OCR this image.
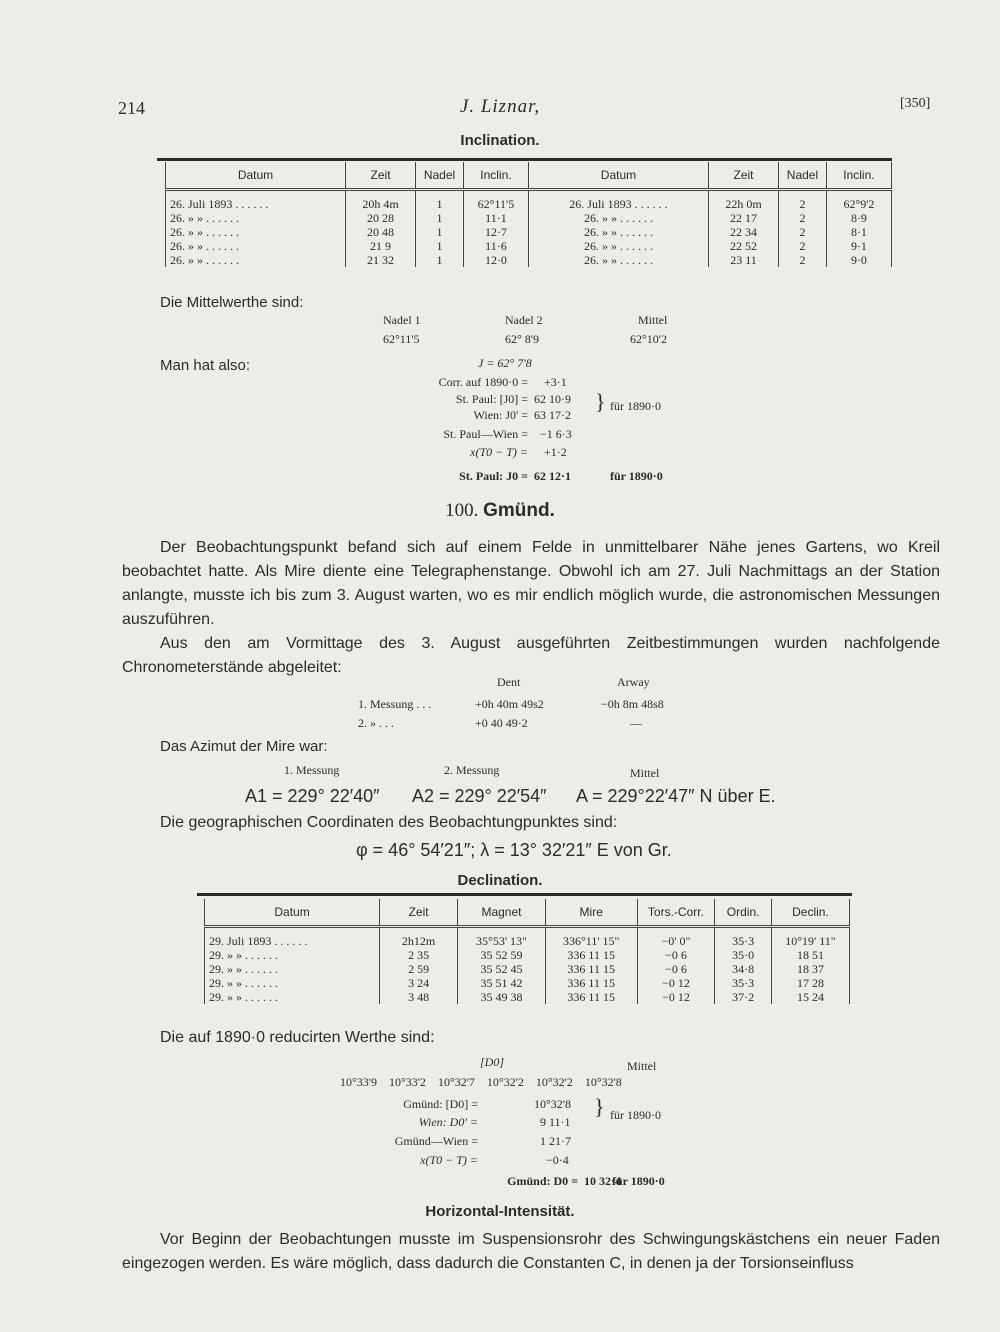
214	J. Liznar,	[350]
Inclination.
Datum	Zeit	Nadel	Inclin.	Datum	Zeit	Nadel	Inclin.
26. Juli 1893 . . . . . .	20h 4m	1	62°11'5	26. Juli 1893 . . . . . .	22h 0m	2	62°9'2
26. » » . . . . . .	20 28	1	11·1	26. » » . . . . . .	22 17	2	8·9
26. » » . . . . . .	20 48	1	12·7	26. » » . . . . . .	22 34	2	8·1
26. » » . . . . . .	21 9	1	11·6	26. » » . . . . . .	22 52	2	9·1
26. » » . . . . . .	21 32	1	12·0	26. » » . . . . . .	23 11	2	9·0
Die Mittelwerthe sind:
Nadel 1	Nadel 2	Mittel
62°11'5	62° 8'9	62°10'2
Man hat also:	J = 62° 7'8
Corr. auf 1890·0 = +3·1
St. Paul: [J0] = 62 10·9
Wien: J0' = 63 17·2
} für 1890·0
St. Paul—Wien = −1 6·3
x(T0 − T) = +1·2
St. Paul: J0 = 62 12·1	für 1890·0
100. Gmünd.
Der Beobachtungspunkt befand sich auf einem Felde in unmittelbarer Nähe jenes Gartens, wo Kreil beobachtet hatte. Als Mire diente eine Telegraphenstange. Obwohl ich am 27. Juli Nachmittags an der Station anlangte, musste ich bis zum 3. August warten, wo es mir endlich möglich wurde, die astronomischen Messungen auszuführen.
Aus den am Vormittage des 3. August ausgeführten Zeitbestimmungen wurden nachfolgende Chronometerstände abgeleitet:
Dent	Arway
1. Messung . . .	+0h 40m 49s2	−0h 8m 48s8
2. » . . .	+0 40 49·2	—
Das Azimut der Mire war:
1. Messung	2. Messung	Mittel
A1 = 229° 22′40″ A2 = 229° 22′54″ A = 229°22′47″ N über E.
Die geographischen Coordinaten des Beobachtungpunktes sind:
φ = 46° 54′21″; λ = 13° 32′21″ E von Gr.
Declination.
Datum	Zeit	Magnet	Mire	Tors.-Corr.	Ordin.	Declin.
29. Juli 1893 . . . . . .	2h12m	35°53' 13"	336°11' 15"	−0' 0"	35·3	10°19' 11"
29. » » . . . . . .	2 35	35 52 59	336 11 15	−0 6	35·0	18 51
29. » » . . . . . .	2 59	35 52 45	336 11 15	−0 6	34·8	18 37
29. » » . . . . . .	3 24	35 51 42	336 11 15	−0 12	35·3	17 28
29. » » . . . . . .	3 48	35 49 38	336 11 15	−0 12	37·2	15 24
Die auf 1890·0 reducirten Werthe sind:
[D0]	Mittel
10°33'9 10°33'2 10°32'7 10°32'2 10°32'2 10°32'8
Gmünd: [D0] =	10°32'8
Wien: D0' =	9 11·1
} für 1890·0
Gmünd—Wien =	1 21·7
x(T0 − T) =	−0·4
Gmünd: D0 = 10 32·4
für 1890·0
Horizontal-Intensität.
Vor Beginn der Beobachtungen musste im Suspensionsrohr des Schwingungskästchens ein neuer Faden eingezogen werden. Es wäre möglich, dass dadurch die Constanten C, in denen ja der Torsionseinfluss
